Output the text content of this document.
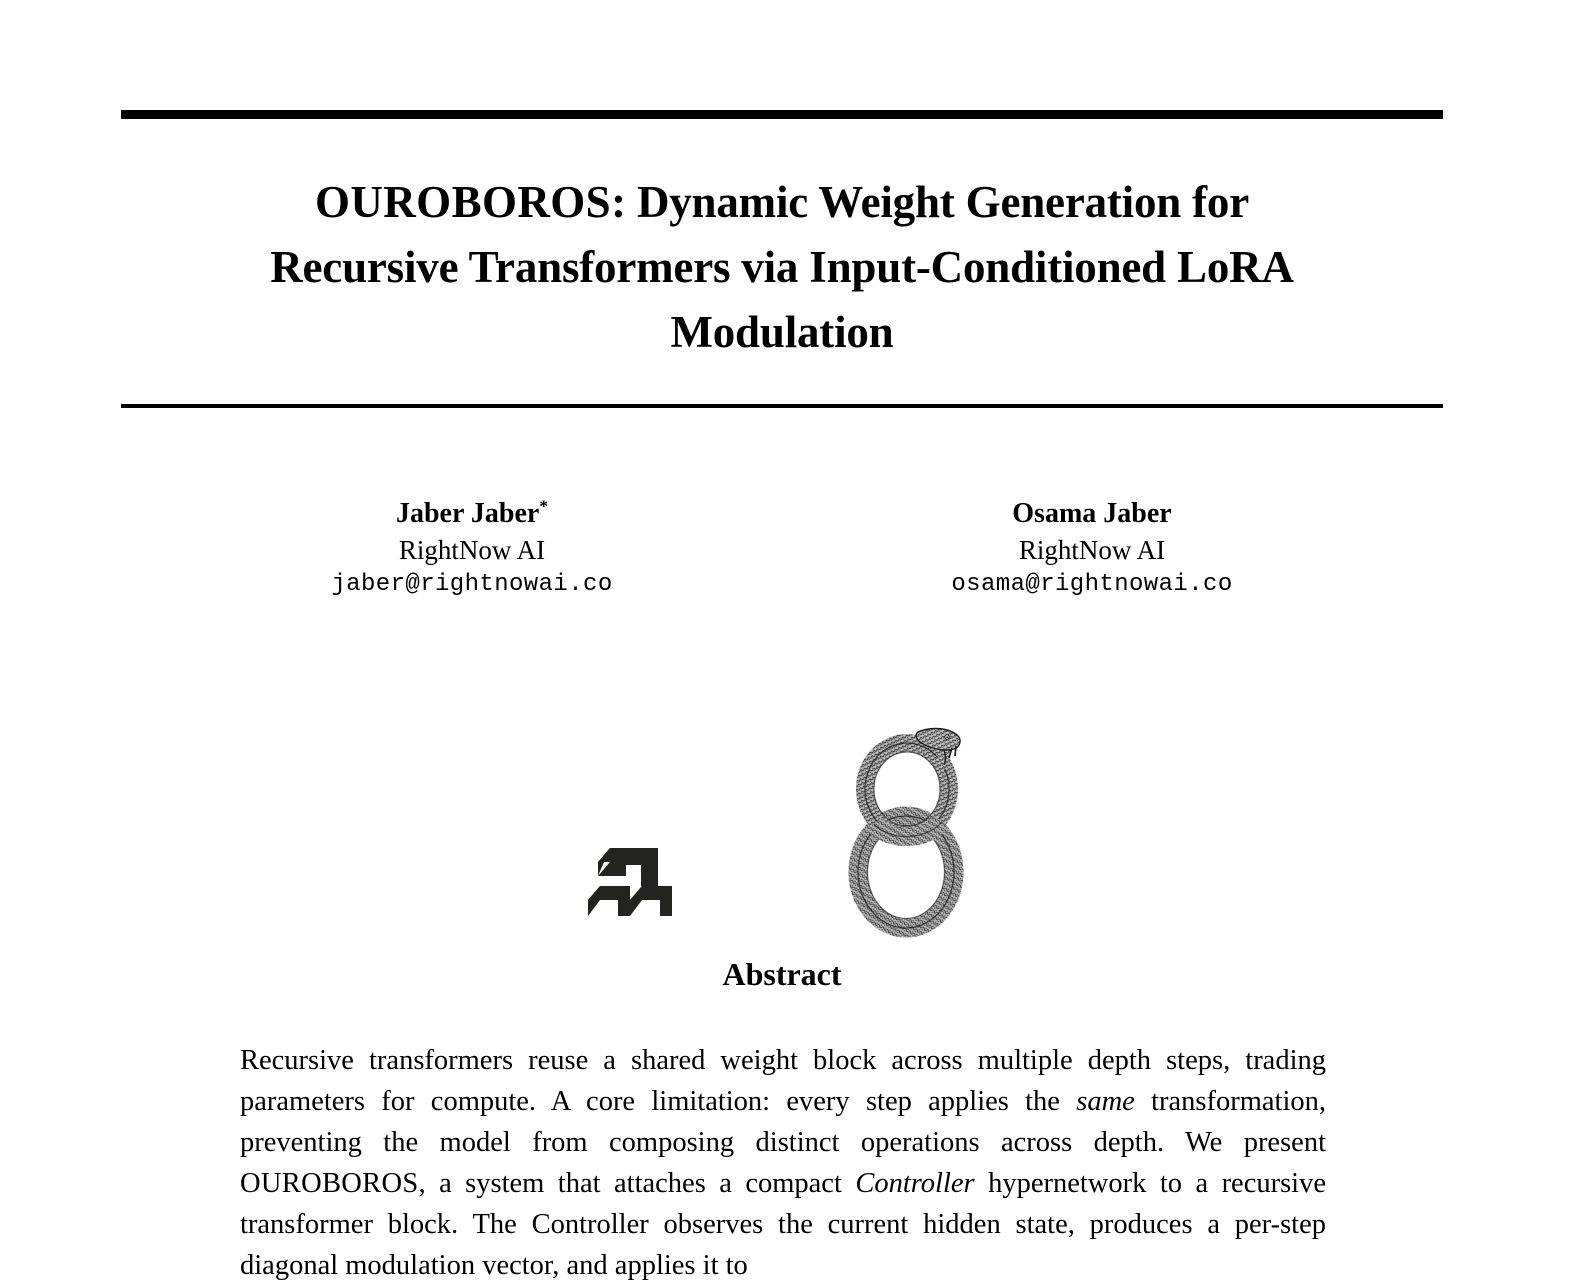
OUROBOROS: Dynamic Weight Generation for
Recursive Transformers via Input-Conditioned LoRA
Modulation
Jaber Jaber*
RightNow AI
jaber@rightnowai.co
Osama Jaber
RightNow AI
osama@rightnowai.co
Abstract

Recursive transformers reuse a shared weight block across multiple depth steps, trading parameters for compute. A core limitation: every step applies the same transformation, preventing the model from composing distinct operations across depth. We present OUROBOROS, a system that attaches a compact Controller hypernetwork to a recursive transformer block. The Controller observes the current hidden state, produces a per-step diagonal modulation vector, and applies it to
